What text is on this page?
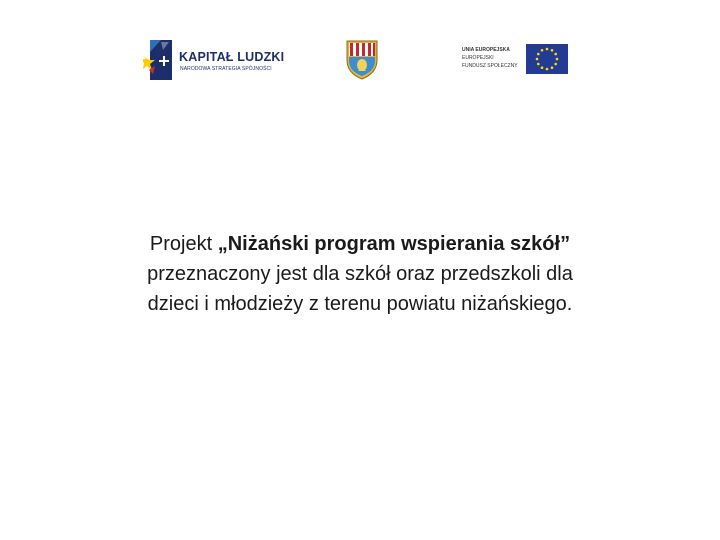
KAPITAŁ LUDZKI
NARODOWA STRATEGIA SPÓJNOŚCI
UNIA EUROPEJSKA
EUROPEJSKI
FUNDUSZ SPOŁECZNY
Projekt „Niżański program wspierania szkół”
przeznaczony jest dla szkół oraz przedszkoli dla
dzieci i młodzieży z terenu powiatu niżańskiego.
